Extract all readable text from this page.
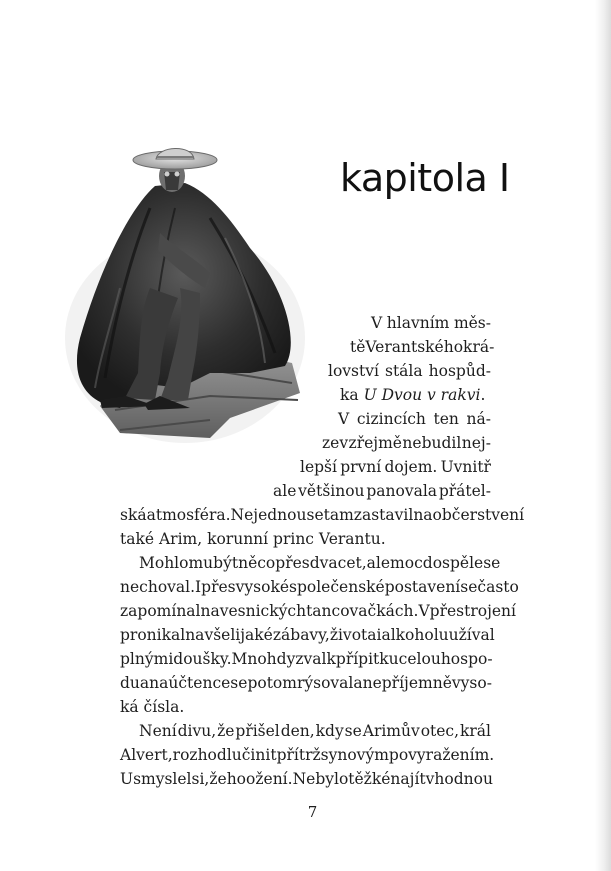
kapitola I
V hlavním měs-
tě Verantského krá-
lovství stála hospůd-
ka U Dvou v rakvi.
V cizincích ten ná-
zev zřejmě nebudil nej-
lepší první dojem. Uvnitř
ale většinou panovala přátel-
ská atmosféra. Nejednou se tam zastavil na občerstvení
také Arim, korunní princ Verantu.
Mohlo mu být něco přes dvacet, ale moc dospěle se
nechoval. I přes vysoké společenské postavení se často
zapomínal na vesnických tancovačkách. V přestrojení
pronikal na všelijaké zábavy, života i alkoholu užíval
plnými doušky. Mnohdy zval k přípitku celou hospo-
du a na účtence se potom rýsovala nepříjemně vyso-
ká čísla.
Není divu, že přišel den, kdy se Arimův otec, král
Alvert, rozhodl učinit přítrž synovým povyražením.
Usmyslel si, že ho ožení. Nebylo těžké najít vhodnou

7
